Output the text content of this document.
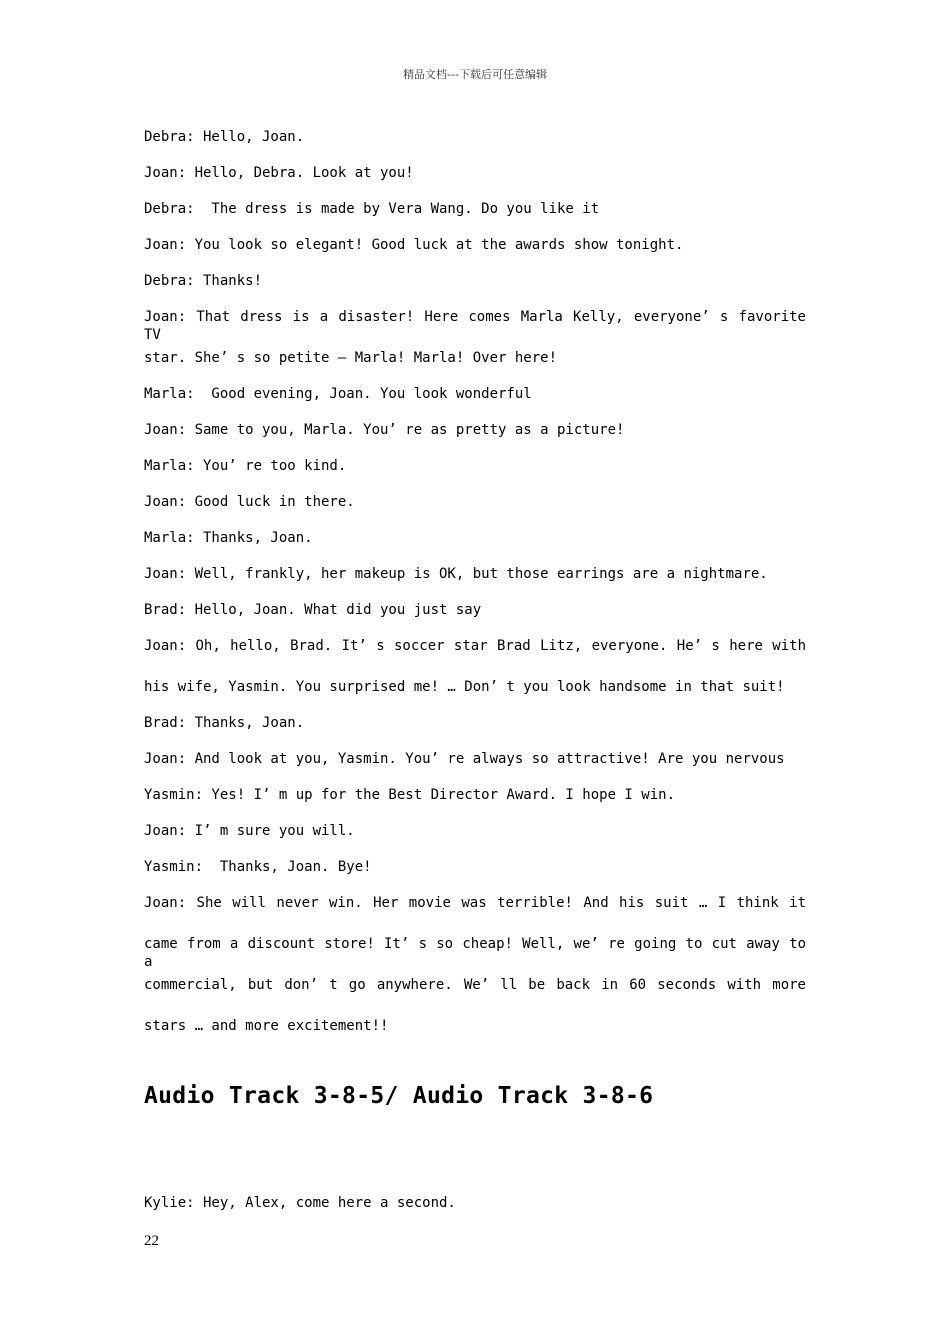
精品文档---下载后可任意编辑
Debra: Hello, Joan.
Joan: Hello, Debra. Look at you!
Debra:  The dress is made by Vera Wang. Do you like it
Joan: You look so elegant! Good luck at the awards show tonight.
Debra: Thanks!
Joan: That dress is a disaster! Here comes Marla Kelly, everyone’ s favorite TV
star. She’ s so petite — Marla! Marla! Over here!
Marla:  Good evening, Joan. You look wonderful
Joan: Same to you, Marla. You’ re as pretty as a picture!
Marla: You’ re too kind.
Joan: Good luck in there.
Marla: Thanks, Joan.
Joan: Well, frankly, her makeup is OK, but those earrings are a nightmare.
Brad: Hello, Joan. What did you just say
Joan: Oh, hello, Brad. It’ s soccer star Brad Litz, everyone. He’ s here with
his wife, Yasmin. You surprised me! … Don’ t you look handsome in that suit!
Brad: Thanks, Joan.
Joan: And look at you, Yasmin. You’ re always so attractive! Are you nervous
Yasmin: Yes! I’ m up for the Best Director Award. I hope I win.
Joan: I’ m sure you will.
Yasmin:  Thanks, Joan. Bye!
Joan: She will never win. Her movie was terrible! And his suit … I think it
came from a discount store! It’ s so cheap! Well, we’ re going to cut away to a
commercial, but don’ t go anywhere. We’ ll be back in 60 seconds with more
stars … and more excitement!!
Audio Track 3-8-5/ Audio Track 3-8-6
Kylie: Hey, Alex, come here a second.
22
